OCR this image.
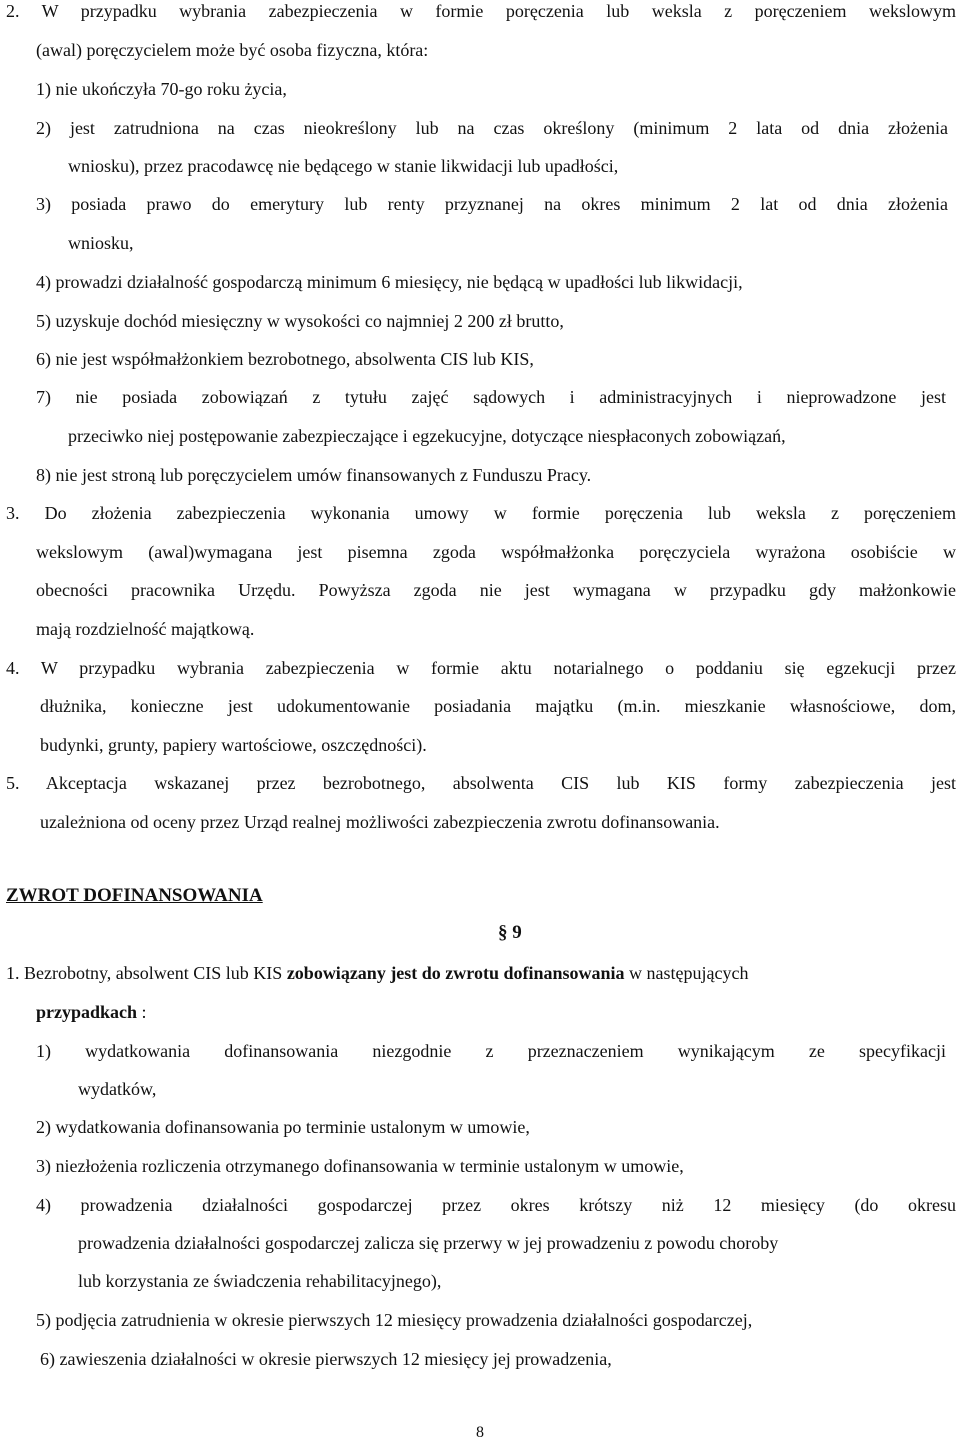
2. W przypadku wybrania zabezpieczenia w formie poręczenia lub weksla z poręczeniem wekslowym
(awal) poręczycielem może być osoba fizyczna, która:
1) nie ukończyła 70-go roku życia,
2) jest zatrudniona na czas nieokreślony lub na czas określony (minimum 2 lata od dnia złożenia
wniosku), przez pracodawcę nie będącego w stanie likwidacji lub upadłości,
3) posiada prawo do emerytury lub renty przyznanej na okres minimum 2 lat od dnia złożenia
wniosku,
4) prowadzi działalność gospodarczą minimum 6 miesięcy, nie będącą w upadłości lub likwidacji,
5) uzyskuje dochód miesięczny w wysokości co najmniej 2 200 zł brutto,
6) nie jest współmałżonkiem bezrobotnego, absolwenta CIS lub KIS,
7) nie posiada zobowiązań z tytułu zajęć sądowych i administracyjnych i nieprowadzone jest
przeciwko niej postępowanie zabezpieczające i egzekucyjne, dotyczące niespłaconych zobowiązań,
8) nie jest stroną lub poręczycielem umów finansowanych z Funduszu Pracy.
3. Do złożenia zabezpieczenia wykonania umowy w formie poręczenia lub weksla z poręczeniem
wekslowym (awal)wymagana jest pisemna zgoda współmałżonka poręczyciela wyrażona osobiście w
obecności pracownika Urzędu. Powyższa zgoda nie jest wymagana w przypadku gdy małżonkowie
mają rozdzielność majątkową.
4. W przypadku wybrania zabezpieczenia w formie aktu notarialnego o poddaniu się egzekucji przez
dłużnika, konieczne jest udokumentowanie posiadania majątku (m.in. mieszkanie własnościowe, dom,
budynki, grunty, papiery wartościowe, oszczędności).
5. Akceptacja wskazanej przez bezrobotnego, absolwenta CIS lub KIS formy zabezpieczenia jest
uzależniona od oceny przez Urząd realnej możliwości zabezpieczenia zwrotu dofinansowania.
ZWROT DOFINANSOWANIA
§ 9
1. Bezrobotny, absolwent CIS lub KIS zobowiązany jest do zwrotu dofinansowania w następujących
przypadkach :
1) wydatkowania dofinansowania niezgodnie z przeznaczeniem wynikającym ze specyfikacji
wydatków,
2) wydatkowania dofinansowania po terminie ustalonym w umowie,
3) niezłożenia rozliczenia otrzymanego dofinansowania w terminie ustalonym w umowie,
4) prowadzenia działalności gospodarczej przez okres krótszy niż 12 miesięcy (do okresu
prowadzenia działalności gospodarczej zalicza się przerwy w jej prowadzeniu z powodu choroby
lub korzystania ze świadczenia rehabilitacyjnego),
5) podjęcia zatrudnienia w okresie pierwszych 12 miesięcy prowadzenia działalności gospodarczej,
6) zawieszenia działalności w okresie pierwszych 12 miesięcy jej prowadzenia,
8
